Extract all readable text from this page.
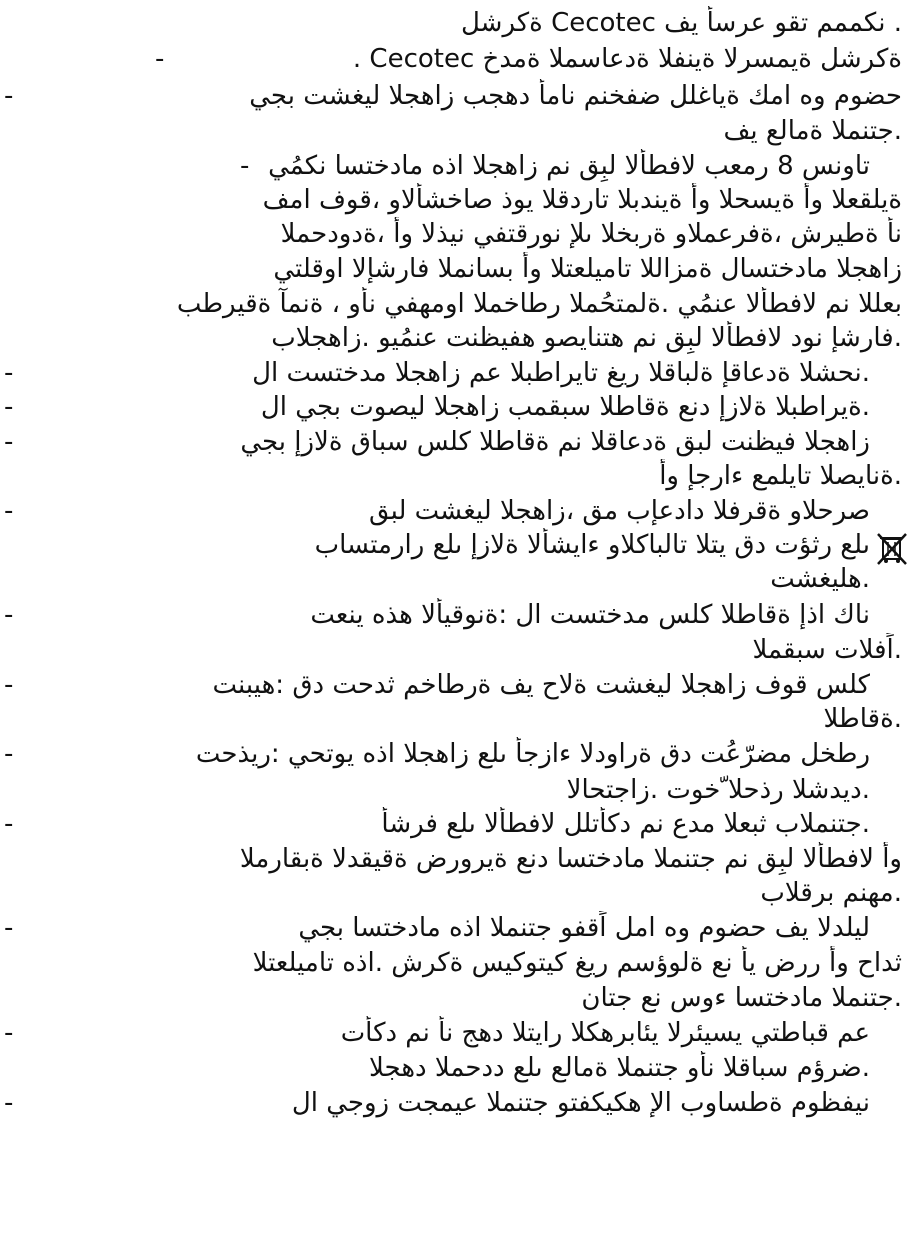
. نكممم تقو عرسأ يف Cecotec ةكرشل
. Cecotec ةكرشل ةيمسرلا ةينفلا ةدعاسملا ةمدخ
-
حضوم وه امك ةياغلل ضفخنم نامأ دهجب زاهجلا ليغشت بجي
-
.جتنملا ةمالع يف
تاونس 8 رمعب لافطألا لبِق نم زاهجلا اذه مادختسا نكمُي
-
ةيلقعلا وأ ةيسحلا وأ ةيندبلا تاردقلا يوذ صاخشألاو ،قوف امف
نأ ةطيرش ،ةفرعملاو ةربخلا ىلإ نورقتفي نيذلا وأ ،ةدودحملا
زاهجلا مادختسال ةمزاللا تاميلعتلا وأ بسانملا فارشإلا اوقلتي
بعللا نم لافطألا عنمُي .ةلمتحُملا رطاخملا اومهفي نأو ، ةنمآ ةقيرطب
.فارشإ نود لافطألا لبِق نم هتنايصو هفيظنت عنمُيو .زاهجلاب
.نحشلا ةدعاقإ ةلباقلا ريغ تايراطبلا عم زاهجلا مدختست ال
-
.ةيراطبلا ةلازإ دنع ةقاطلا سبقمب زاهجلا ليصوت بجي ال
-
زاهجلا فيظنت لبق ةدعاقلا نم ةقاطلا كلس سباق ةلازإ بجي
-
.ةنايصلا تايلمع ءارجإ وأ
صرحلاو ةقرفلا دادعإب مق ،زاهجلا ليغشت لبق
-
ىلع رثؤت دق يتلا تالباكلاو ءايشألا ةلازإ ىلع رارمتساب
.هليغشت
ناك اذإ ةقاطلا كلس مدختست ال :ةنوقيألا هذه ينعت
-
.اًفلات سبقملا
كلس قوف زاهجلا ليغشت ةلاح يف ةرطاخم ثدحت دق :هيبنت
-
.ةقاطلا
رطخل مضرّعُت دق ةراودلا ءازجأ ىلع زاهجلا اذه يوتحي :ريذحت
-
.ديدشلا رذحلا ّخوت .زاجتحالا
.جتنملاب ثبعلا مدع نم دكأتلل لافطألا ىلع فرشأ
-
وأ لافطألا لبِق نم جتنملا مادختسا دنع ةيرورض ةقيقدلا ةبقارملا
.مهنم برقلاب
ليلدلا يف حضوم وه امل اًقفو جتنملا اذه مادختسا بجي
-
ثداح وأ ررض يأ نع ةلوؤسم ريغ كيتوكيس ةكرش .اذه تاميلعتلا
.جتنملا مادختسا ءوس نع جتان
عم قباطتي يسيئرلا يئابرهكلا رايتلا دهج نأ نم دكأت
-
.ضرؤم سباقلا نأو جتنملا ةمالع ىلع ددحملا دهجلا
نيفظوم ةطساوب الإ هكيكفتو جتنملا عيمجت زوجي ال
-
